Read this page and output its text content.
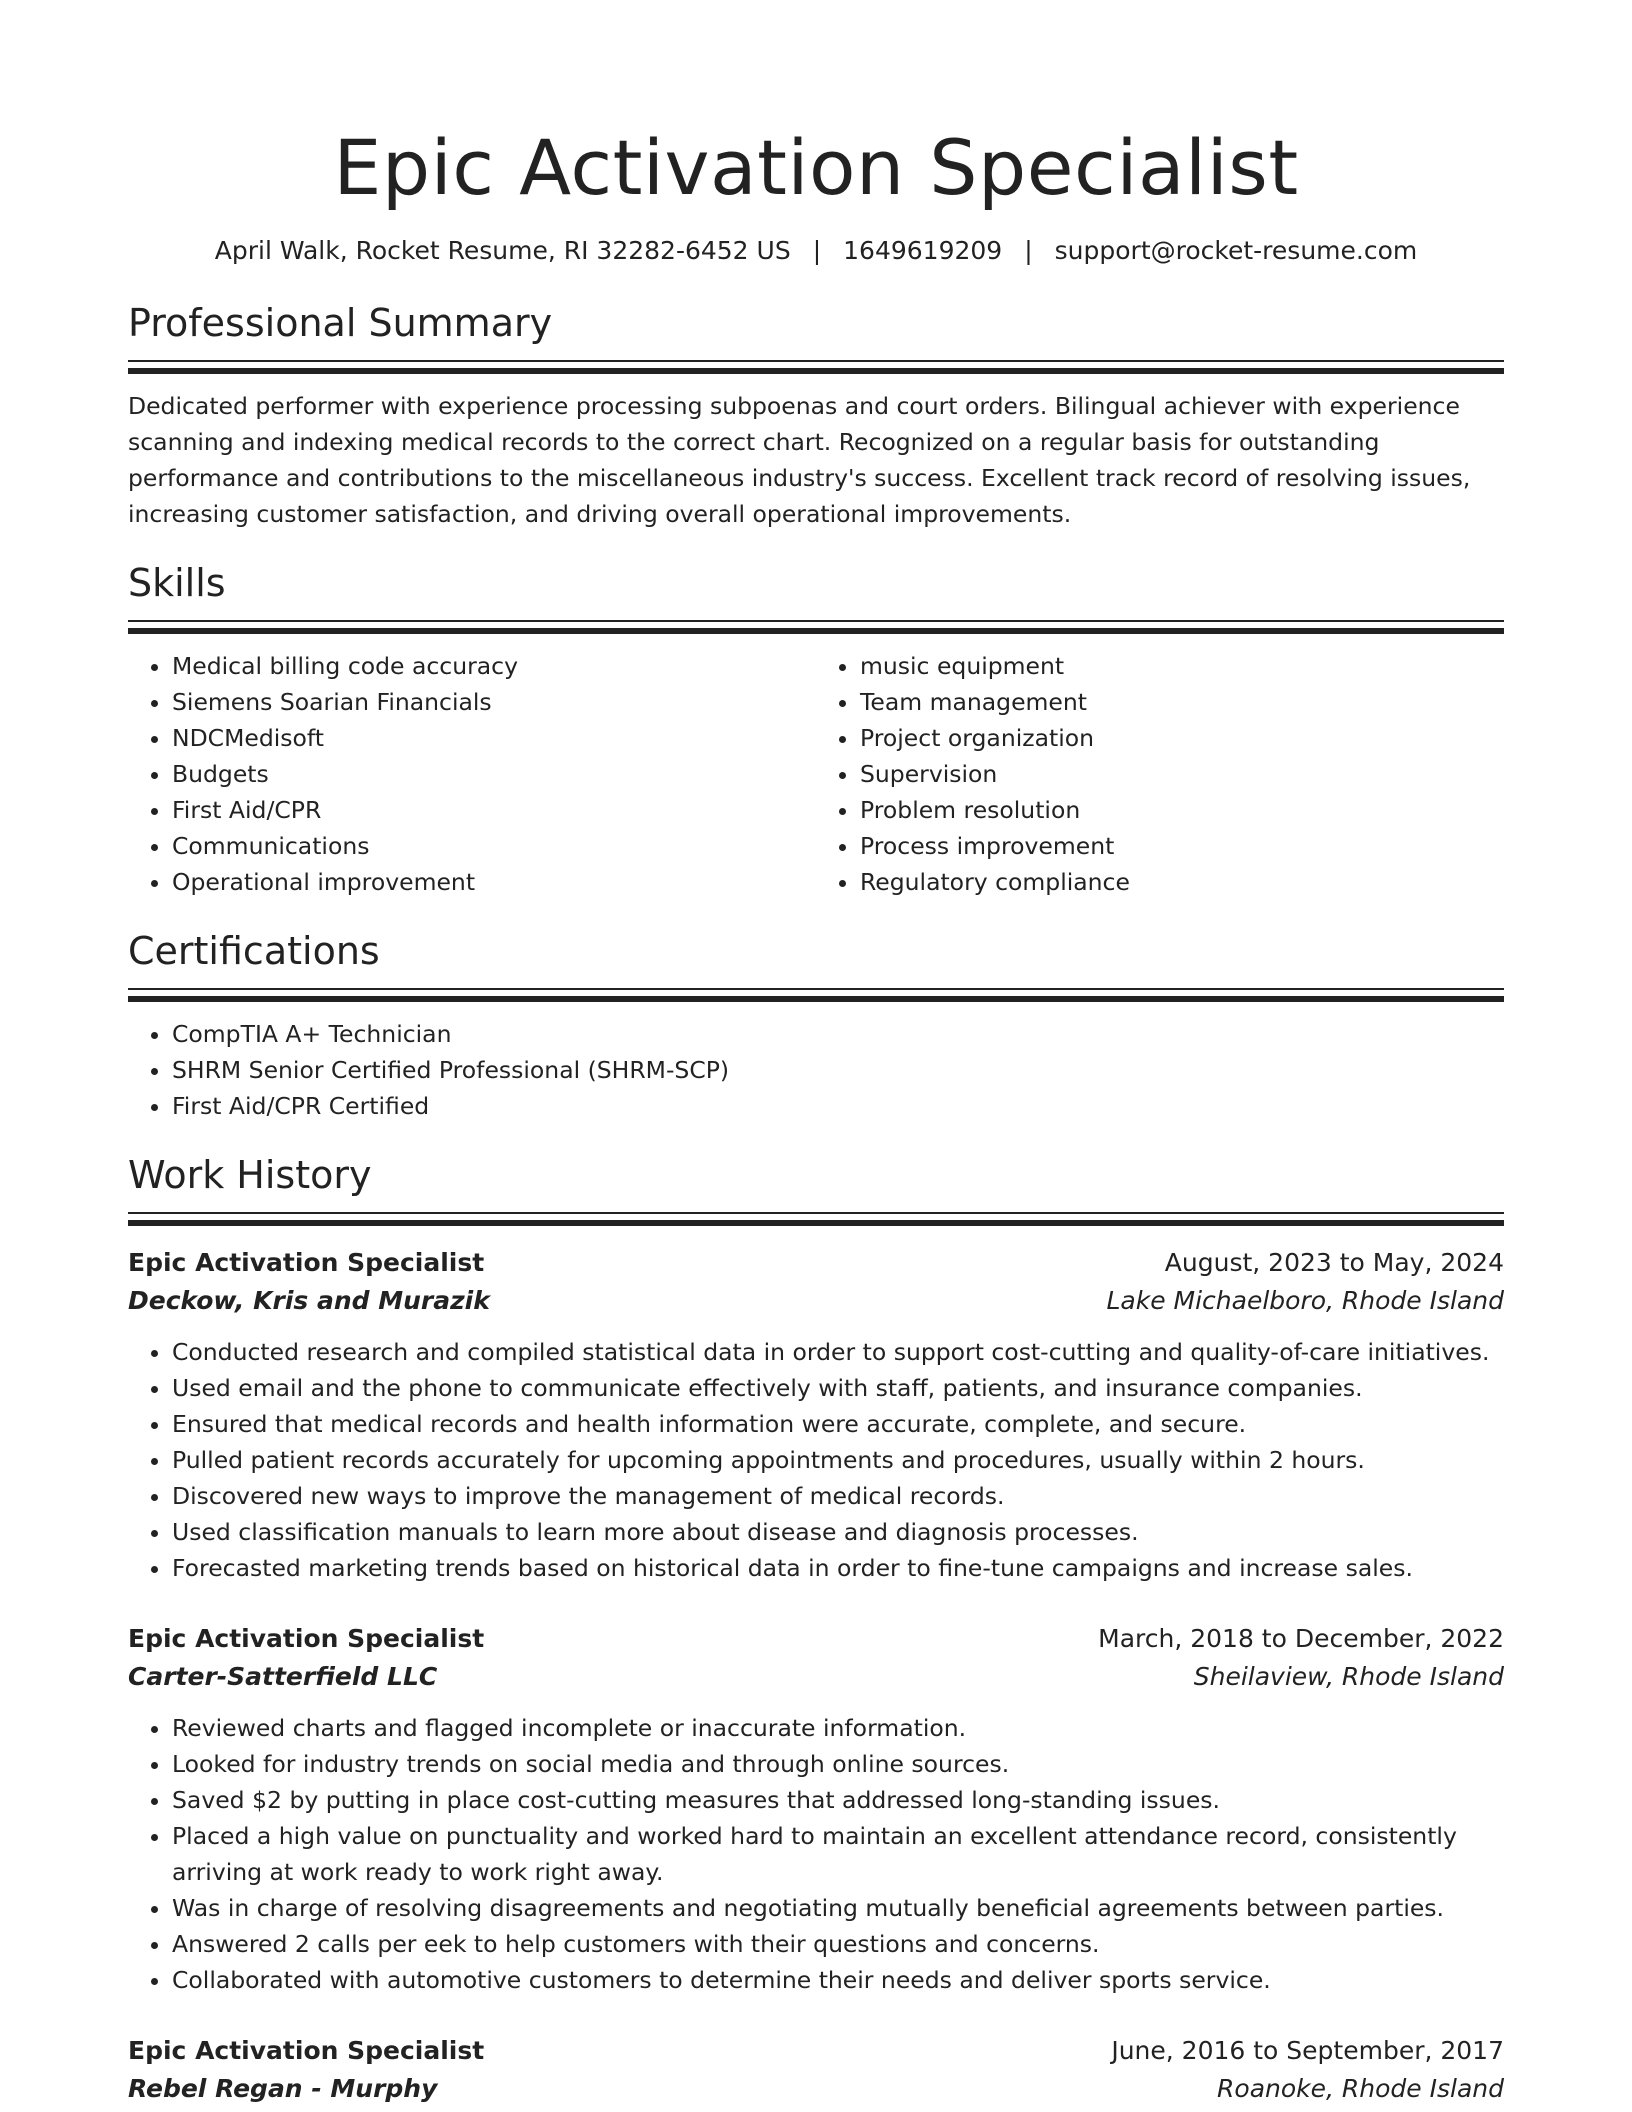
Epic Activation Specialist
April Walk, Rocket Resume, RI 32282-6452 US | 1649619209 | support@rocket-resume.com
Professional Summary

Dedicated performer with experience processing subpoenas and court orders. Bilingual achiever with experience scanning and indexing medical records to the correct chart. Recognized on a regular basis for outstanding performance and contributions to the miscellaneous industry's success. Excellent track record of resolving issues, increasing customer satisfaction, and driving overall operational improvements.

Skills
• Medical billing code accuracy
• Siemens Soarian Financials
• NDCMedisoft
• Budgets
• First Aid/CPR
• Communications
• Operational improvement
• music equipment
• Team management
• Project organization
• Supervision
• Problem resolution
• Process improvement
• Regulatory compliance
Certifications
• CompTIA A+ Technician
• SHRM Senior Certified Professional (SHRM-SCP)
• First Aid/CPR Certified
Work History
Epic Activation Specialist	August, 2023 to May, 2024
Deckow, Kris and Murazik	Lake Michaelboro, Rhode Island
• Conducted research and compiled statistical data in order to support cost-cutting and quality-of-care initiatives.
• Used email and the phone to communicate effectively with staff, patients, and insurance companies.
• Ensured that medical records and health information were accurate, complete, and secure.
• Pulled patient records accurately for upcoming appointments and procedures, usually within 2 hours.
• Discovered new ways to improve the management of medical records.
• Used classification manuals to learn more about disease and diagnosis processes.
• Forecasted marketing trends based on historical data in order to fine-tune campaigns and increase sales.
Epic Activation Specialist	March, 2018 to December, 2022
Carter-Satterfield LLC	Sheilaview, Rhode Island
• Reviewed charts and flagged incomplete or inaccurate information.
• Looked for industry trends on social media and through online sources.
• Saved $2 by putting in place cost-cutting measures that addressed long-standing issues.
• Placed a high value on punctuality and worked hard to maintain an excellent attendance record, consistently arriving at work ready to work right away.
• Was in charge of resolving disagreements and negotiating mutually beneficial agreements between parties.
• Answered 2 calls per eek to help customers with their questions and concerns.
• Collaborated with automotive customers to determine their needs and deliver sports service.
Epic Activation Specialist	June, 2016 to September, 2017
Rebel Regan - Murphy	Roanoke, Rhode Island
